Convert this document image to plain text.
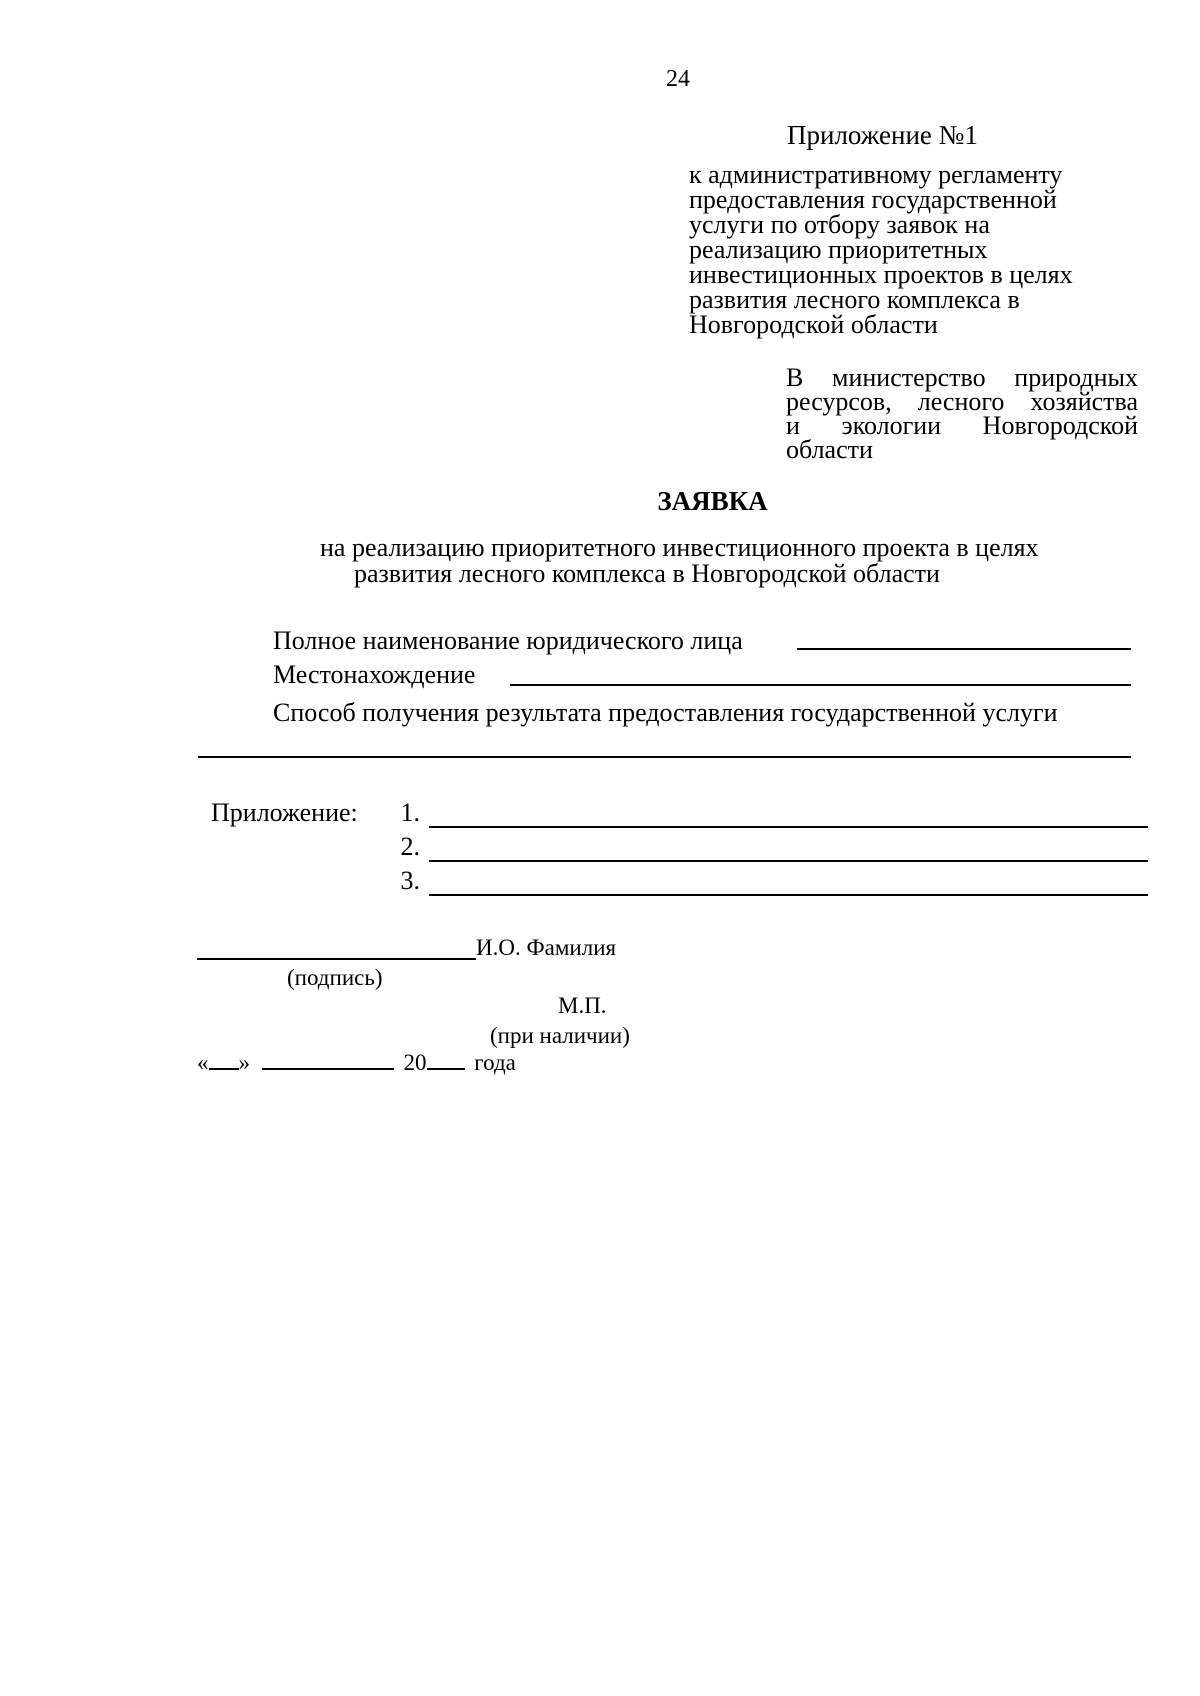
24
Приложение №1
к административному регламенту
предоставления государственной
услуги по отбору заявок на
реализацию приоритетных
инвестиционных проектов в целях
развития лесного комплекса в
Новгородской области
В министерство природных
ресурсов, лесного хозяйства
и экологии Новгородской
области
ЗАЯВКА
на реализацию приоритетного инвестиционного проекта в целях
развития лесного комплекса в Новгородской области
Полное наименование юридического лица
Местонахождение
Способ получения результата предоставления государственной услуги
Приложение:	1.
2.
3.
И.О. Фамилия
(подпись)
М.П.
(при наличии)
« »	20 года
